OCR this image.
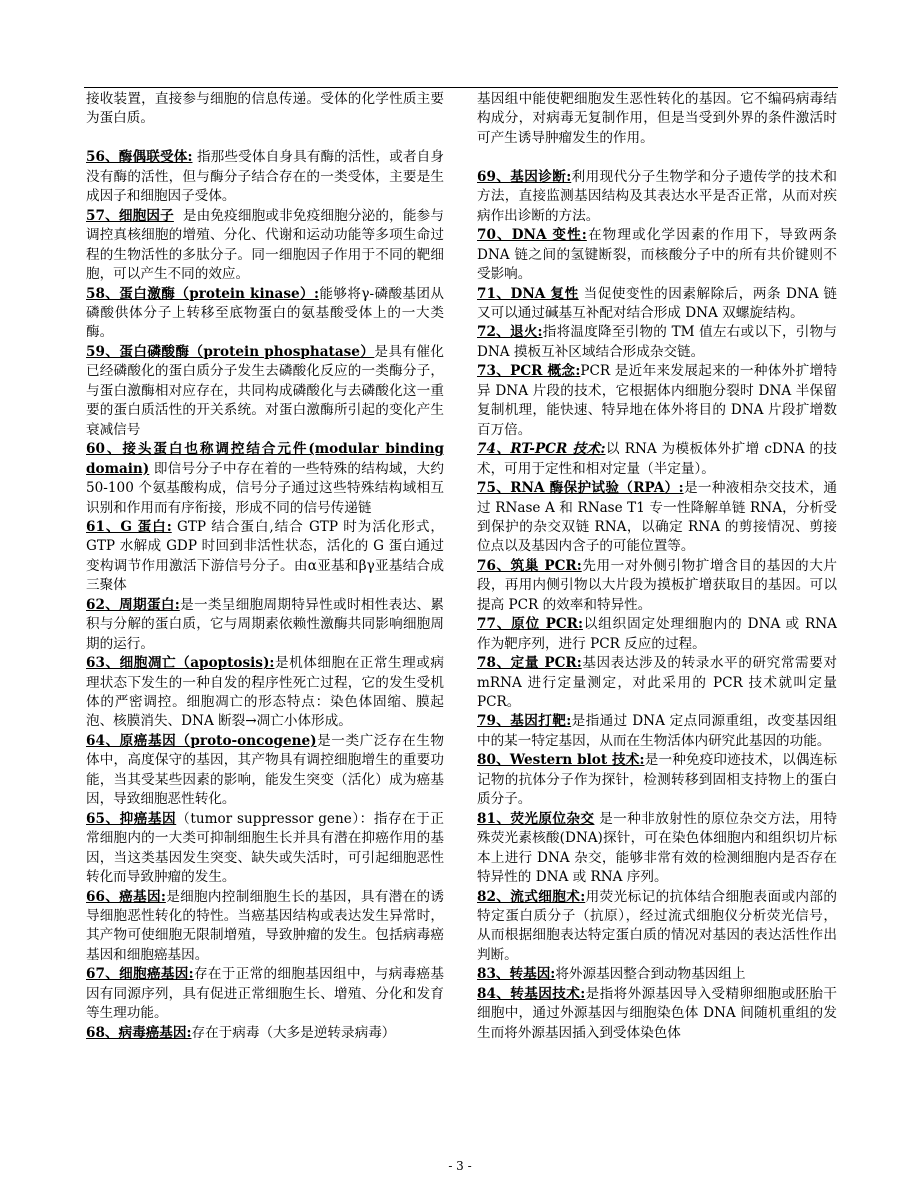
接收装置，直接参与细胞的信息传递。受体的化学性质主要为蛋白质。

56、酶偶联受体: 指那些受体自身具有酶的活性，或者自身没有酶的活性，但与酶分子结合存在的一类受体，主要是生成因子和细胞因子受体。

57、细胞因子 是由免疫细胞或非免疫细胞分泌的，能参与调控真核细胞的增殖、分化、代谢和运动功能等多项生命过程的生物活性的多肽分子。同一细胞因子作用于不同的靶细胞，可以产生不同的效应。

58、蛋白激酶（protein kinase）:能够将γ-磷酸基团从磷酸供体分子上转移至底物蛋白的氨基酸受体上的一大类酶。

59、蛋白磷酸酶（protein phosphatase）是具有催化已经磷酸化的蛋白质分子发生去磷酸化反应的一类酶分子，与蛋白激酶相对应存在，共同构成磷酸化与去磷酸化这一重要的蛋白质活性的开关系统。对蛋白激酶所引起的变化产生衰减信号

60、接头蛋白也称调控结合元件(modular binding domain) 即信号分子中存在着的一些特殊的结构域，大约 50-100 个氨基酸构成，信号分子通过这些特殊结构域相互识别和作用而有序衔接，形成不同的信号传递链

61、G 蛋白: GTP 结合蛋白,结合 GTP 时为活化形式，GTP 水解成 GDP 时回到非活性状态，活化的 G 蛋白通过变构调节作用激活下游信号分子。由α亚基和βγ亚基结合成三聚体

62、周期蛋白:是一类呈细胞周期特异性或时相性表达、累积与分解的蛋白质，它与周期素依赖性激酶共同影响细胞周期的运行。

63、细胞凋亡（apoptosis):是机体细胞在正常生理或病理状态下发生的一种自发的程序性死亡过程，它的发生受机体的严密调控。细胞凋亡的形态特点：染色体固缩、膜起泡、核膜消失、DNA 断裂→凋亡小体形成。

64、原癌基因（proto-oncogene)是一类广泛存在生物体中，高度保守的基因，其产物具有调控细胞增生的重要功能，当其受某些因素的影响，能发生突变（活化）成为癌基因，导致细胞恶性转化。

65、抑癌基因（tumor suppressor gene）：指存在于正常细胞内的一大类可抑制细胞生长并具有潜在抑癌作用的基因，当这类基因发生突变、缺失或失活时，可引起细胞恶性转化而导致肿瘤的发生。

66、癌基因:是细胞内控制细胞生长的基因，具有潜在的诱导细胞恶性转化的特性。当癌基因结构或表达发生异常时，其产物可使细胞无限制增殖，导致肿瘤的发生。包括病毒癌基因和细胞癌基因。

67、细胞癌基因:存在于正常的细胞基因组中，与病毒癌基因有同源序列，具有促进正常细胞生长、增殖、分化和发育等生理功能。

68、病毒癌基因:存在于病毒（大多是逆转录病毒）

基因组中能使靶细胞发生恶性转化的基因。它不编码病毒结构成分，对病毒无复制作用，但是当受到外界的条件激活时可产生诱导肿瘤发生的作用。

69、基因诊断:利用现代分子生物学和分子遗传学的技术和方法，直接监测基因结构及其表达水平是否正常，从而对疾病作出诊断的方法。

70、DNA 变性:在物理或化学因素的作用下，导致两条 DNA 链之间的氢键断裂，而核酸分子中的所有共价键则不受影响。

71、DNA 复性 当促使变性的因素解除后，两条 DNA 链又可以通过碱基互补配对结合形成 DNA 双螺旋结构。

72、退火:指将温度降至引物的 TM 值左右或以下，引物与 DNA 摸板互补区域结合形成杂交链。

73、PCR 概念:PCR 是近年来发展起来的一种体外扩增特异 DNA 片段的技术，它根据体内细胞分裂时 DNA 半保留复制机理，能快速、特异地在体外将目的 DNA 片段扩增数百万倍。

74、RT-PCR 技术:以 RNA 为模板体外扩增 cDNA 的技术，可用于定性和相对定量（半定量）。

75、RNA 酶保护试验（RPA）:是一种液相杂交技术，通过 RNase A 和 RNase T1 专一性降解单链 RNA，分析受到保护的杂交双链 RNA，以确定 RNA 的剪接情况、剪接位点以及基因内含子的可能位置等。

76、筑巢 PCR:先用一对外侧引物扩增含目的基因的大片段，再用内侧引物以大片段为摸板扩增获取目的基因。可以提高 PCR 的效率和特异性。

77、原位 PCR:以组织固定处理细胞内的 DNA 或 RNA 作为靶序列，进行 PCR 反应的过程。

78、定量 PCR:基因表达涉及的转录水平的研究常需要对 mRNA 进行定量测定，对此采用的 PCR 技术就叫定量 PCR。

79、基因打靶:是指通过 DNA 定点同源重组，改变基因组中的某一特定基因，从而在生物活体内研究此基因的功能。

80、Western blot 技术:是一种免疫印迹技术，以偶连标记物的抗体分子作为探针，检测转移到固相支持物上的蛋白质分子。

81、荧光原位杂交 是一种非放射性的原位杂交方法，用特殊荧光素核酸(DNA)探针，可在染色体细胞内和组织切片标本上进行 DNA 杂交，能够非常有效的检测细胞内是否存在特异性的 DNA 或 RNA 序列。

82、流式细胞术:用荧光标记的抗体结合细胞表面或内部的特定蛋白质分子（抗原），经过流式细胞仪分析荧光信号，从而根据细胞表达特定蛋白质的情况对基因的表达活性作出判断。

83、转基因:将外源基因整合到动物基因组上

84、转基因技术:是指将外源基因导入受精卵细胞或胚胎干细胞中，通过外源基因与细胞染色体 DNA 间随机重组的发生而将外源基因插入到受体染色体

- 3 -
